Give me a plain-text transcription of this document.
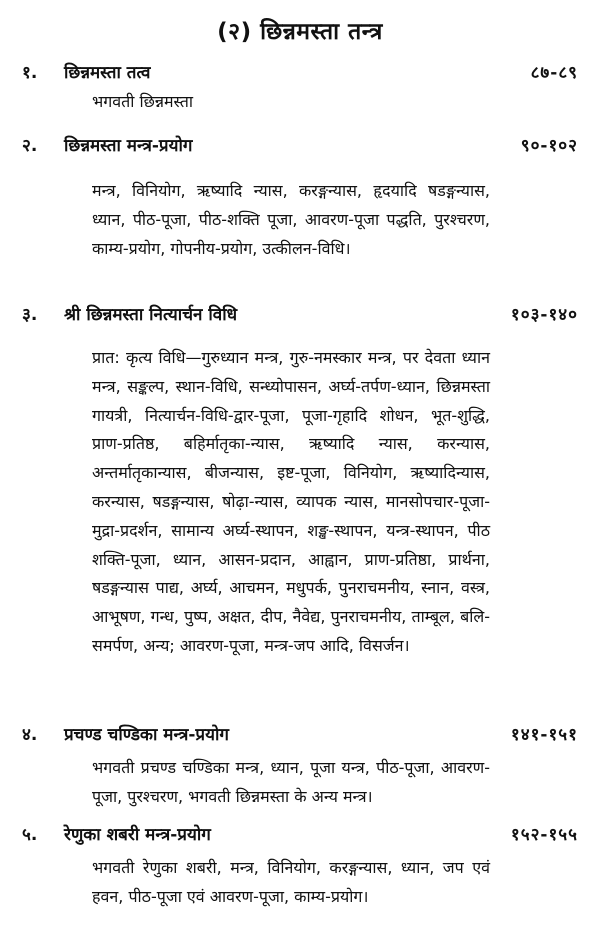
(२) छिन्नमस्ता तन्त्र
१. छिन्नमस्ता तत्व	८७-८९
भगवती छिन्नमस्ता
२. छिन्नमस्ता मन्त्र-प्रयोग	९०-१०२
मन्त्र, विनियोग, ऋष्यादि न्यास, करङ्गन्यास, हृदयादि षडङ्गन्यास, ध्यान, पीठ-पूजा, पीठ-शक्ति पूजा, आवरण-पूजा पद्धति, पुरश्चरण, काम्य-प्रयोग, गोपनीय-प्रयोग, उत्कीलन-विधि।
३. श्री छिन्नमस्ता नित्यार्चन विधि	१०३-१४०
प्रात: कृत्य विधि—गुरुध्यान मन्त्र, गुरु-नमस्कार मन्त्र, पर देवता ध्यान मन्त्र, सङ्कल्प, स्थान-विधि, सन्ध्योपासन, अर्घ्य-तर्पण-ध्यान, छिन्नमस्ता गायत्री, नित्यार्चन-विधि-द्वार-पूजा, पूजा-गृहादि शोधन, भूत-शुद्धि, प्राण-प्रतिष्ठ, बहिर्मातृका-न्यास, ऋष्यादि न्यास, करन्यास, अन्तर्मातृकान्यास, बीजन्यास, इष्ट-पूजा, विनियोग, ऋष्यादिन्यास, करन्यास, षडङ्गन्यास, षोढ़ा-न्यास, व्यापक न्यास, मानसोपचार-पूजा-मुद्रा-प्रदर्शन, सामान्य अर्घ्य-स्थापन, शङ्ख-स्थापन, यन्त्र-स्थापन, पीठ शक्ति-पूजा, ध्यान, आसन-प्रदान, आह्वान, प्राण-प्रतिष्ठा, प्रार्थना, षडङ्गन्यास पाद्य, अर्घ्य, आचमन, मधुपर्क, पुनराचमनीय, स्नान, वस्त्र, आभूषण, गन्ध, पुष्प, अक्षत, दीप, नैवेद्य, पुनराचमनीय, ताम्बूल, बलि-समर्पण, अन्य; आवरण-पूजा, मन्त्र-जप आदि, विसर्जन।
४. प्रचण्ड चण्डिका मन्त्र-प्रयोग	१४१-१५१
भगवती प्रचण्ड चण्डिका मन्त्र, ध्यान, पूजा यन्त्र, पीठ-पूजा, आवरण-पूजा, पुरश्चरण, भगवती छिन्नमस्ता के अन्य मन्त्र।
५. रेणुका शबरी मन्त्र-प्रयोग	१५२-१५५
भगवती रेणुका शबरी, मन्त्र, विनियोग, करङ्गन्यास, ध्यान, जप एवं हवन, पीठ-पूजा एवं आवरण-पूजा, काम्य-प्रयोग।
